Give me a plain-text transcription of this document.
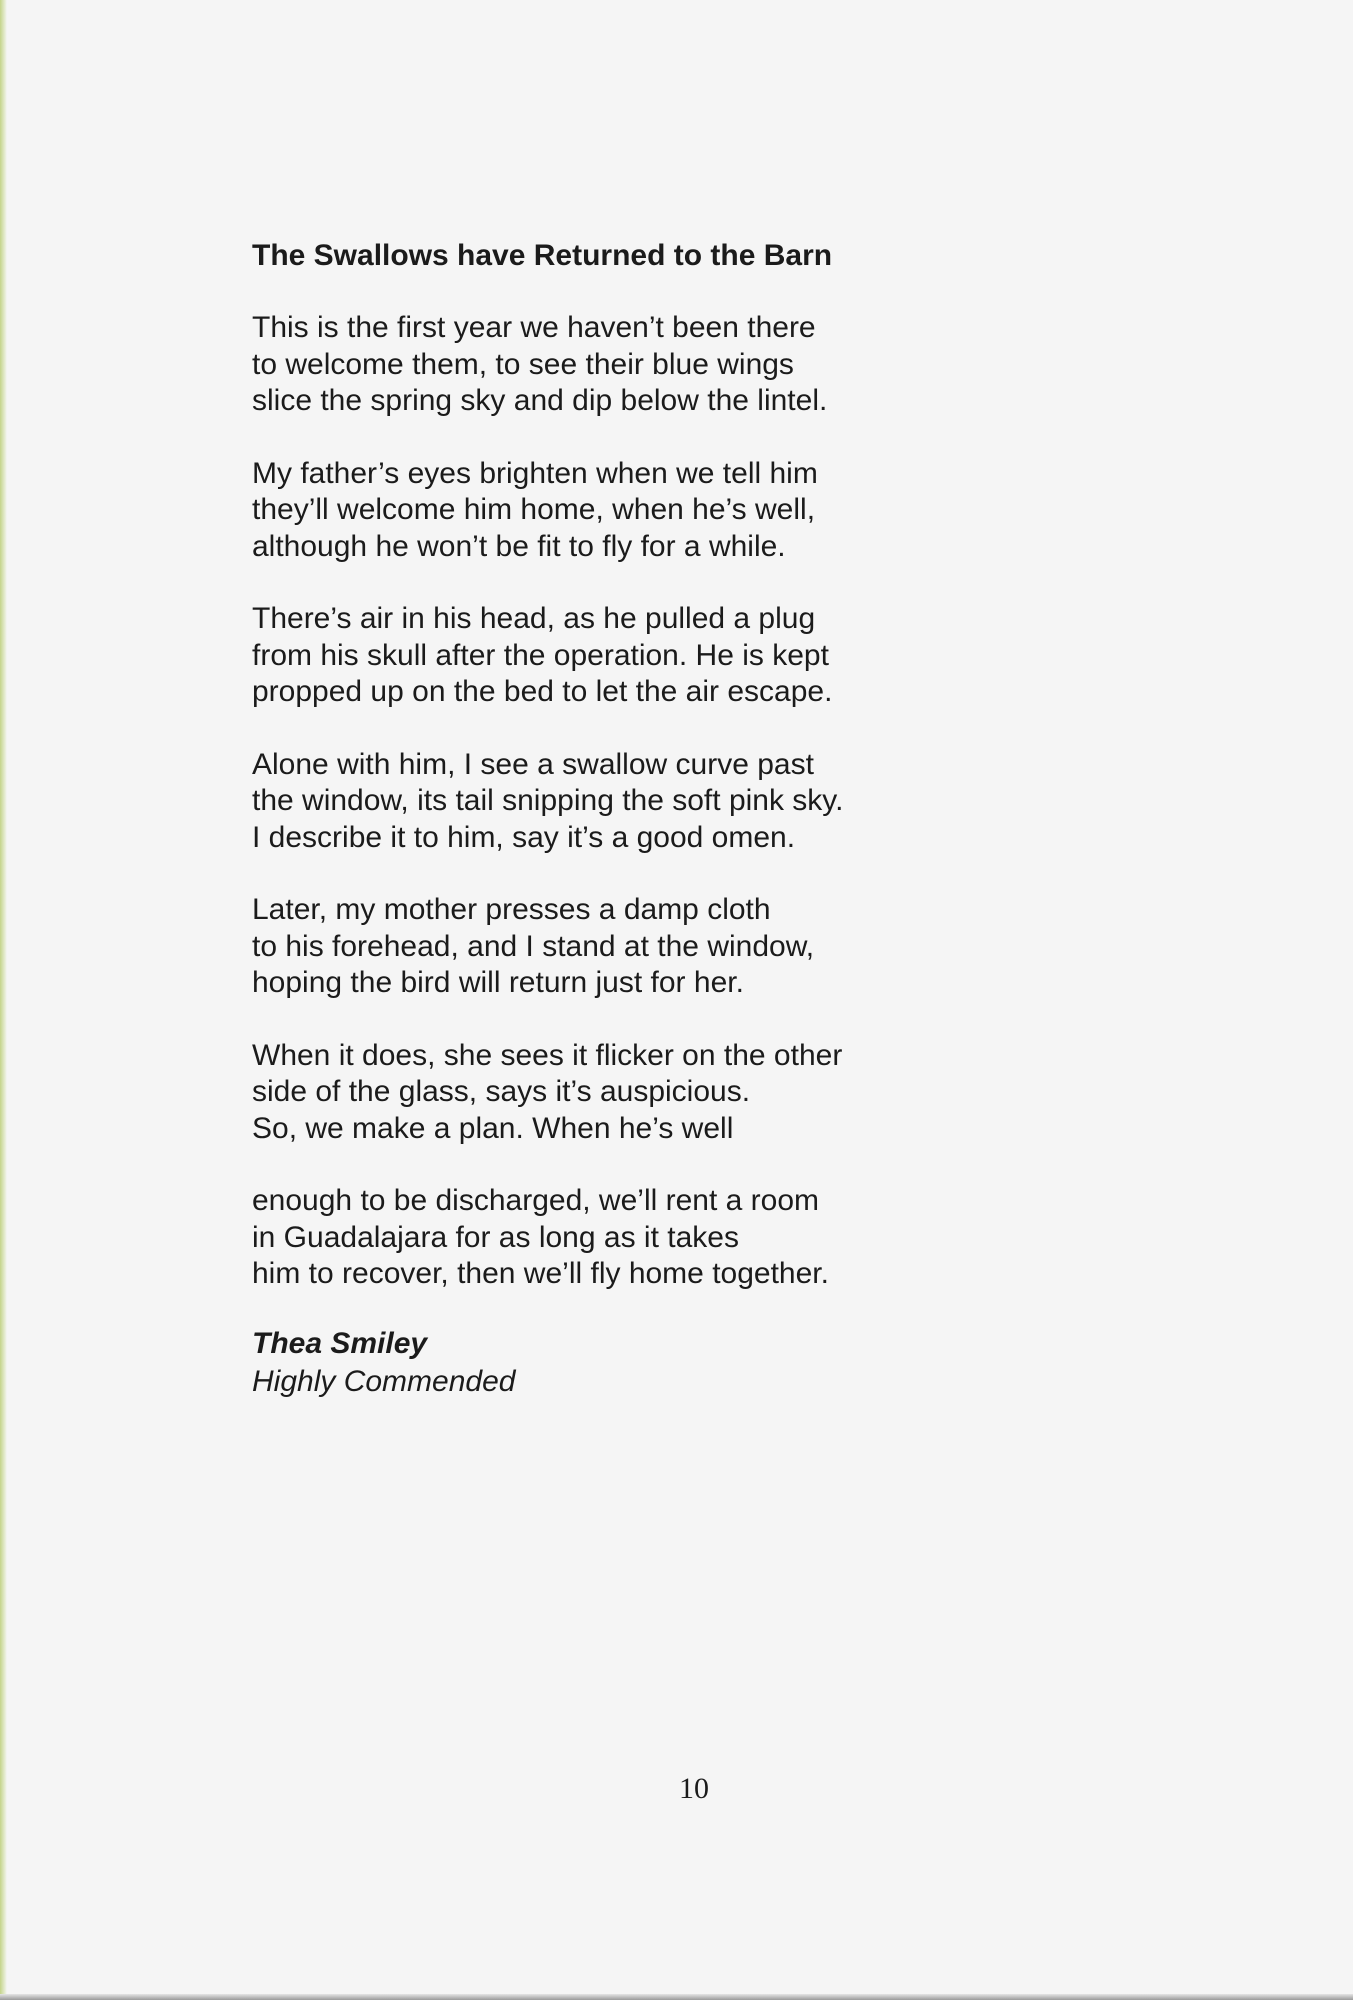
The Swallows have Returned to the Barn
This is the first year we haven’t been there
to welcome them, to see their blue wings
slice the spring sky and dip below the lintel.
My father’s eyes brighten when we tell him
they’ll welcome him home, when he’s well,
although he won’t be fit to fly for a while.
There’s air in his head, as he pulled a plug
from his skull after the operation. He is kept
propped up on the bed to let the air escape.
Alone with him, I see a swallow curve past
the window, its tail snipping the soft pink sky.
I describe it to him, say it’s a good omen.
Later, my mother presses a damp cloth
to his forehead, and I stand at the window,
hoping the bird will return just for her.
When it does, she sees it flicker on the other
side of the glass, says it’s auspicious.
So, we make a plan. When he’s well
enough to be discharged, we’ll rent a room
in Guadalajara for as long as it takes
him to recover, then we’ll fly home together.
Thea Smiley
Highly Commended
10
